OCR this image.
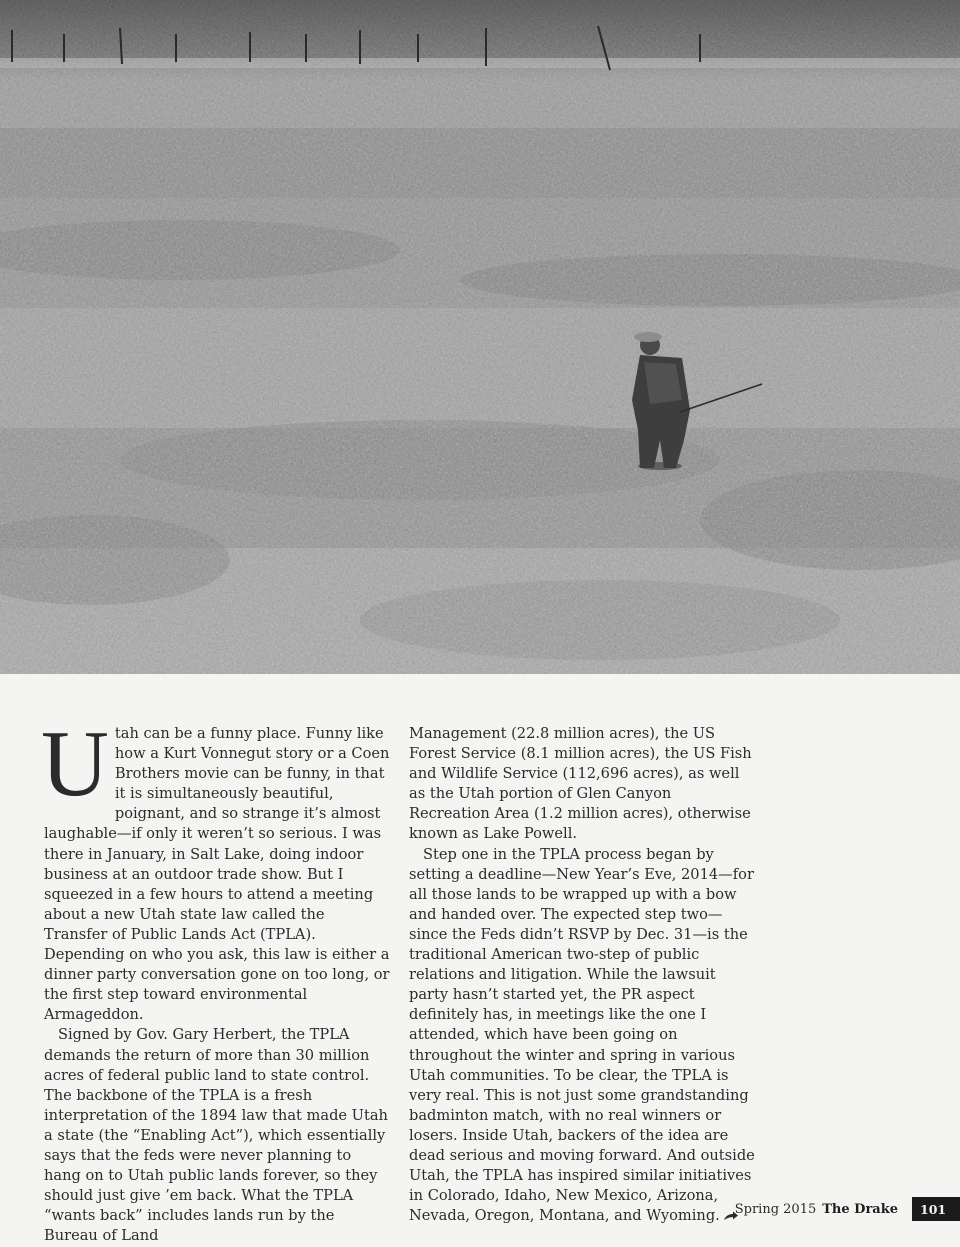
Utah can be a funny place. Funny like how a Kurt Vonnegut story or a Coen Brothers movie can be funny, in that it is simultaneously beautiful, poignant, and so strange it’s almost laughable—if only it weren’t so serious. I was there in January, in Salt Lake, doing indoor business at an outdoor trade show. But I squeezed in a few hours to attend a meeting about a new Utah state law called the Transfer of Public Lands Act (TPLA). Depending on who you ask, this law is either a dinner party conversation gone on too long, or the first step toward environmental Armageddon.

Signed by Gov. Gary Herbert, the TPLA demands the return of more than 30 million acres of federal public land to state control. The backbone of the TPLA is a fresh interpretation of the 1894 law that made Utah a state (the “Enabling Act”), which essentially says that the feds were never planning to hang on to Utah public lands forever, so they should just give ’em back. What the TPLA “wants back” includes lands run by the Bureau of Land

Management (22.8 million acres), the US Forest Service (8.1 million acres), the US Fish and Wildlife Service (112,696 acres), as well as the Utah portion of Glen Canyon Recreation Area (1.2 million acres), otherwise known as Lake Powell.

Step one in the TPLA process began by setting a deadline—New Year’s Eve, 2014—for all those lands to be wrapped up with a bow and handed over. The expected step two—since the Feds didn’t RSVP by Dec. 31—is the traditional American two-step of public relations and litigation. While the lawsuit party hasn’t started yet, the PR aspect definitely has, in meetings like the one I attended, which have been going on throughout the winter and spring in various Utah communities. To be clear, the TPLA is very real. This is not just some grandstanding badminton match, with no real winners or losers. Inside Utah, backers of the idea are dead serious and moving forward. And outside Utah, the TPLA has inspired similar initiatives in Colorado, Idaho, New Mexico, Arizona, Nevada, Oregon, Montana, and Wyoming.	Spring 2015 The Drake	101
